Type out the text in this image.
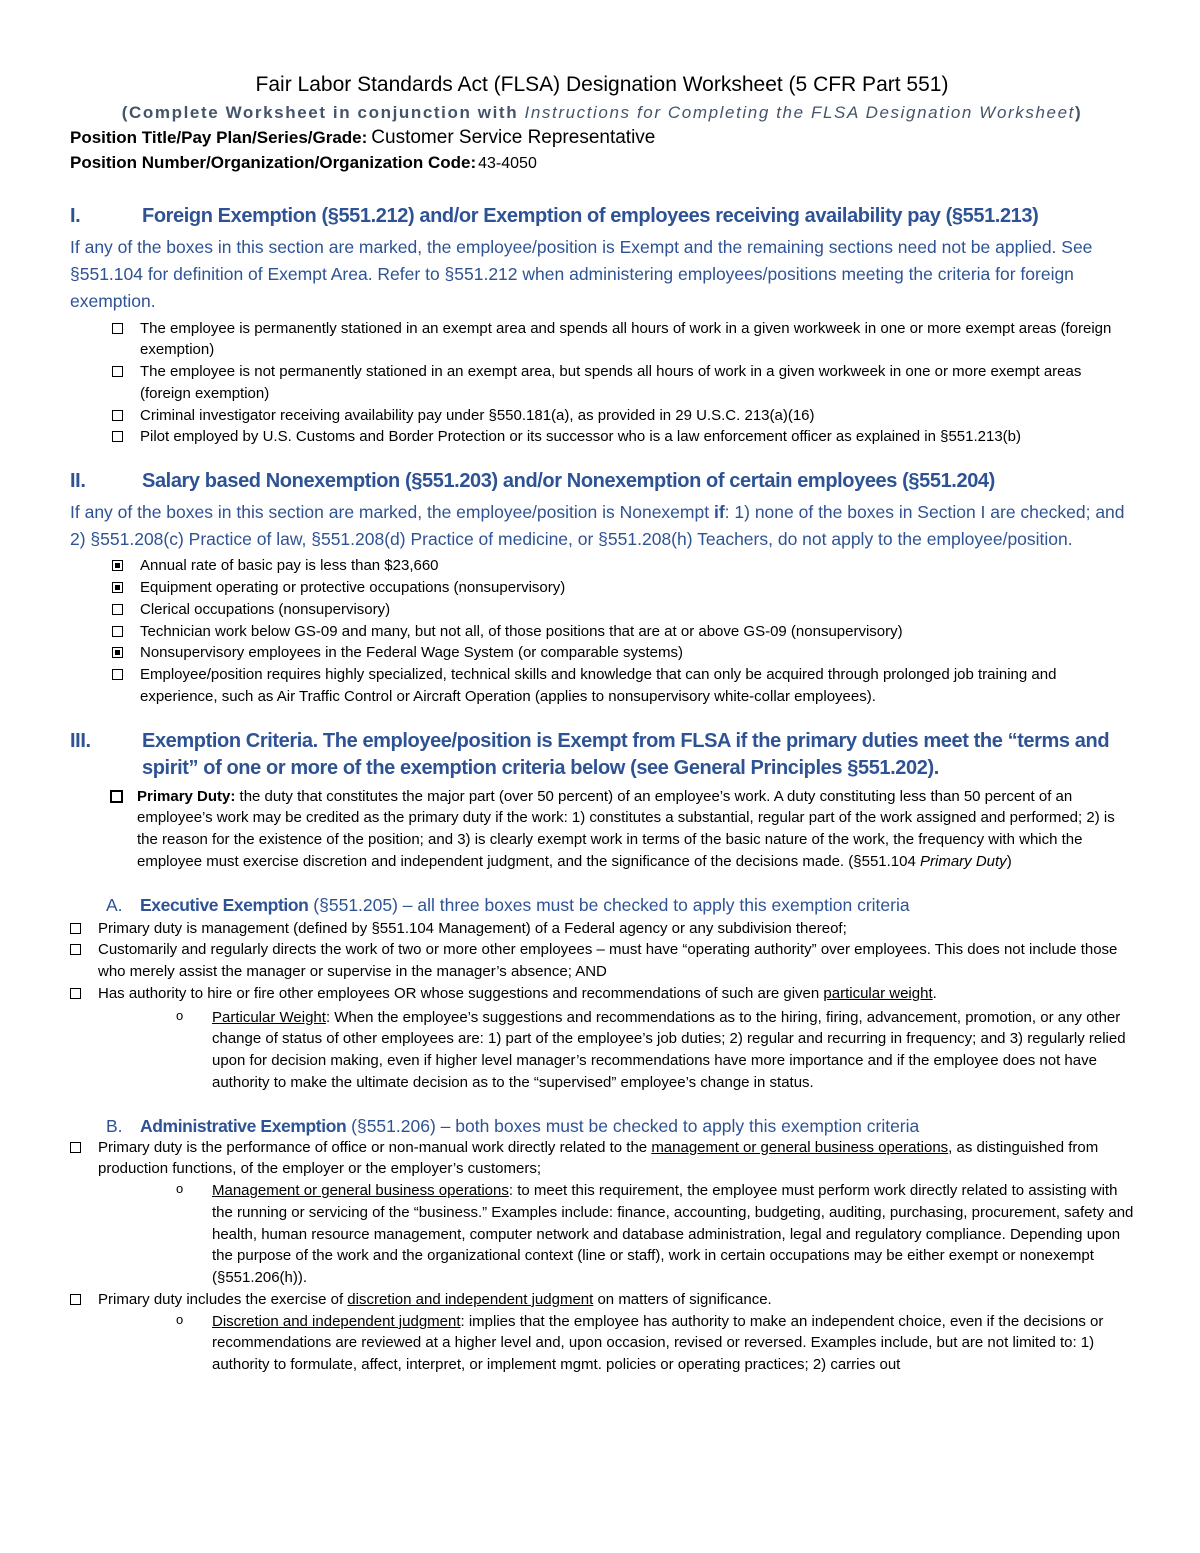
Fair Labor Standards Act (FLSA) Designation Worksheet (5 CFR Part 551)
(Complete Worksheet in conjunction with Instructions for Completing the FLSA Designation Worksheet)
Position Title/Pay Plan/Series/Grade: Customer Service Representative
Position Number/Organization/Organization Code: 43-4050
I.	Foreign Exemption (§551.212) and/or Exemption of employees receiving availability pay (§551.213)
If any of the boxes in this section are marked, the employee/position is Exempt and the remaining sections need not be applied. See §551.104 for definition of Exempt Area. Refer to §551.212 when administering employees/positions meeting the criteria for foreign exemption.
The employee is permanently stationed in an exempt area and spends all hours of work in a given workweek in one or more exempt areas (foreign exemption)
The employee is not permanently stationed in an exempt area, but spends all hours of work in a given workweek in one or more exempt areas (foreign exemption)
Criminal investigator receiving availability pay under §550.181(a), as provided in 29 U.S.C. 213(a)(16)
Pilot employed by U.S. Customs and Border Protection or its successor who is a law enforcement officer as explained in §551.213(b)
II.	Salary based Nonexemption (§551.203) and/or Nonexemption of certain employees (§551.204)
If any of the boxes in this section are marked, the employee/position is Nonexempt if: 1) none of the boxes in Section I are checked; and 2) §551.208(c) Practice of law, §551.208(d) Practice of medicine, or §551.208(h) Teachers, do not apply to the employee/position.
Annual rate of basic pay is less than $23,660
Equipment operating or protective occupations (nonsupervisory)
Clerical occupations (nonsupervisory)
Technician work below GS-09 and many, but not all, of those positions that are at or above GS-09 (nonsupervisory)
Nonsupervisory employees in the Federal Wage System (or comparable systems)
Employee/position requires highly specialized, technical skills and knowledge that can only be acquired through prolonged job training and experience, such as Air Traffic Control or Aircraft Operation (applies to nonsupervisory white-collar employees).
III.	Exemption Criteria. The employee/position is Exempt from FLSA if the primary duties meet the “terms and spirit” of one or more of the exemption criteria below (see General Principles §551.202).
Primary Duty: the duty that constitutes the major part (over 50 percent) of an employee’s work. A duty constituting less than 50 percent of an employee’s work may be credited as the primary duty if the work: 1) constitutes a substantial, regular part of the work assigned and performed; 2) is the reason for the existence of the position; and 3) is clearly exempt work in terms of the basic nature of the work, the frequency with which the employee must exercise discretion and independent judgment, and the significance of the decisions made. (§551.104 Primary Duty)
A. Executive Exemption (§551.205) – all three boxes must be checked to apply this exemption criteria
Primary duty is management (defined by §551.104 Management) of a Federal agency or any subdivision thereof;
Customarily and regularly directs the work of two or more other employees – must have “operating authority” over employees. This does not include those who merely assist the manager or supervise in the manager’s absence; AND
Has authority to hire or fire other employees OR whose suggestions and recommendations of such are given particular weight.
o	Particular Weight: When the employee’s suggestions and recommendations as to the hiring, firing, advancement, promotion, or any other change of status of other employees are: 1) part of the employee’s job duties; 2) regular and recurring in frequency; and 3) regularly relied upon for decision making, even if higher level manager’s recommendations have more importance and if the employee does not have authority to make the ultimate decision as to the “supervised” employee’s change in status.
B. Administrative Exemption (§551.206) – both boxes must be checked to apply this exemption criteria
Primary duty is the performance of office or non-manual work directly related to the management or general business operations, as distinguished from production functions, of the employer or the employer’s customers;
o	Management or general business operations: to meet this requirement, the employee must perform work directly related to assisting with the running or servicing of the “business.” Examples include: finance, accounting, budgeting, auditing, purchasing, procurement, safety and health, human resource management, computer network and database administration, legal and regulatory compliance. Depending upon the purpose of the work and the organizational context (line or staff), work in certain occupations may be either exempt or nonexempt (§551.206(h)).
Primary duty includes the exercise of discretion and independent judgment on matters of significance.
o	Discretion and independent judgment: implies that the employee has authority to make an independent choice, even if the decisions or recommendations are reviewed at a higher level and, upon occasion, revised or reversed. Examples include, but are not limited to: 1) authority to formulate, affect, interpret, or implement mgmt. policies or operating practices; 2) carries out
